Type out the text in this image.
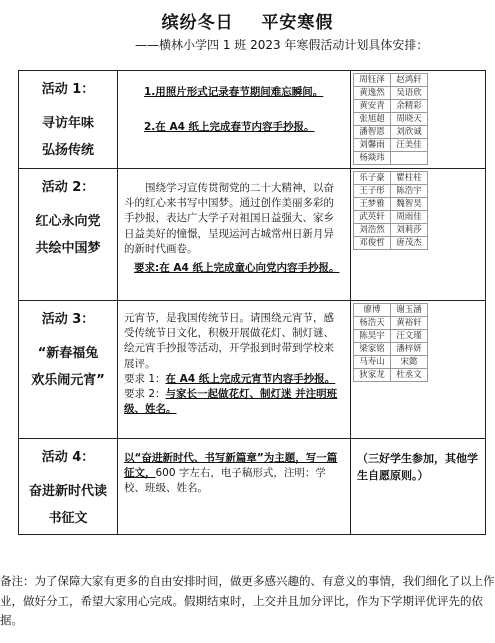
缤纷冬日 平安寒假
——横林小学四 1 班 2023 年寒假活动计划具体安排：
活动 1：
寻访年味
弘扬传统

1.用照片形式记录春节期间难忘瞬间。
2.在 A4 纸上完成春节内容手抄报。

周钰泽	赵鸿轩
黄逸然	吴语欣
黄安青	余精彩
张旭超	周晓天
潘智恩	刘欣诚
刘馨雨	汪美佳
杨燚玮	

活动 2：
红心永向党
共绘中国梦

围绕学习宣传贯彻党的二十大精神，以奋斗的红心来书写中国梦。通过创作美丽多彩的手抄报，表达广大学子对祖国日益强大、家乡日益美好的憧憬，呈现运河古城常州日新月异的新时代画卷。
要求:在 A4 纸上完成童心向党内容手抄报。

乐子豪	瞿柱柱
王子彤	陈浩宇
王梦雅	魏智昊
武英轩	周雨佳
刘浩然	刘莉莎
邓俊哲	唐茂杰

活动 3：
“新春福兔
欢乐闹元宵”

元宵节，是我国传统节日。请围绕元宵节，感受传统节日文化，积极开展做花灯、制灯谜、绘元宵手抄报等活动，开学报到时带到学校来展评。
要求 1：在 A4 纸上完成元宵节内容手抄报。
要求 2：与家长一起做花灯、制灯迷 并注明班级、姓名。

廖博	谢玉涵
杨浩天	黄裕轩
陈昊宇	汪文瑾
梁家铭	潘梓妍
马寿山	宋懿
狄家龙	杜丞文

活动 4：
奋进新时代读
书征文

以“奋进新时代、书写新篇章”为主题，写一篇征文，600 字左右，电子稿形式，注明：学校、班级、姓名。

（三好学生参加，其他学生自愿原则。）
备注：为了保障大家有更多的自由安排时间，做更多感兴趣的、有意义的事情，我们细化了以上作业，做好分工，希望大家用心完成。假期结束时，上交并且加分评比，作为下学期评优评先的依据。
